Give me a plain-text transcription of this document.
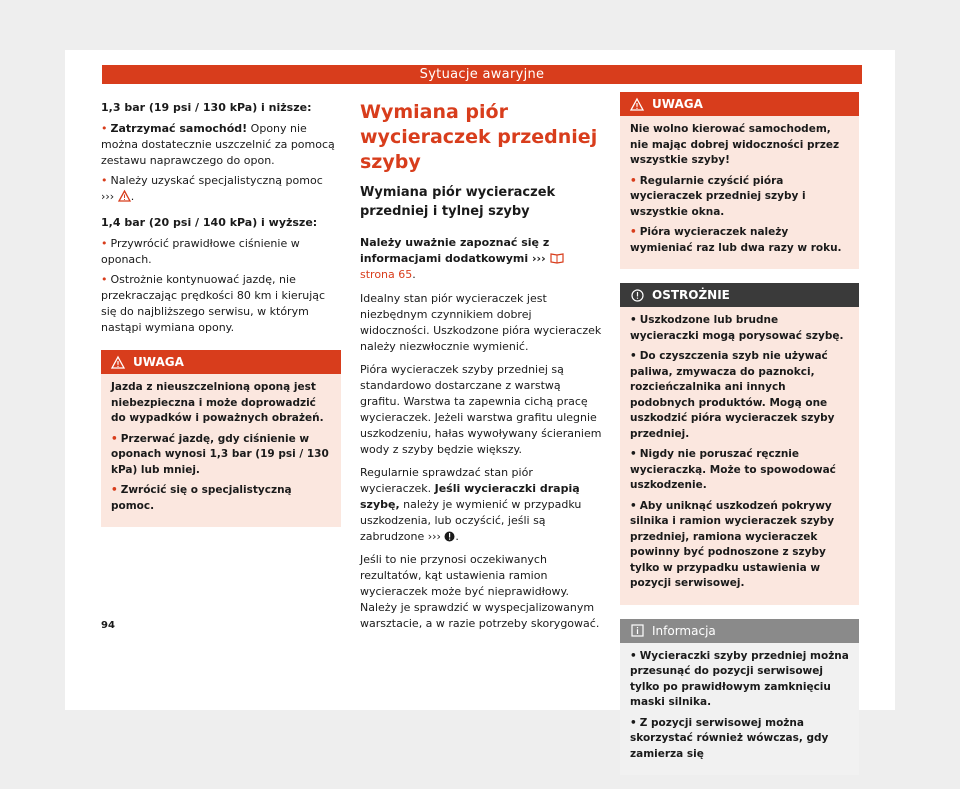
Sytuacje awaryjne

1,3 bar (19 psi / 130 kPa) i niższe:

• Zatrzymać samochód! Opony nie można dostatecznie uszczelnić za pomocą zestawu naprawczego do opon.

• Należy uzyskać specjalistyczną pomoc
››› .

1,4 bar (20 psi / 140 kPa) i wyższe:

• Przywrócić prawidłowe ciśnienie w oponach.

• Ostrożnie kontynuować jazdę, nie przekraczając prędkości 80 km i kierując się do najbliższego serwisu, w którym nastąpi wymiana opony.

UWAGA

Jazda z nieuszczelnioną oponą jest niebezpieczna i może doprowadzić do wypadków i poważnych obrażeń.

• Przerwać jazdę, gdy ciśnienie w oponach wynosi 1,3 bar (19 psi / 130 kPa) lub mniej.

• Zwrócić się o specjalistyczną pomoc.

Wymiana piór wycieraczek przedniej szyby
Wymiana piór wycieraczek przedniej i tylnej szyby

Należy uważnie zapoznać się z informacjami dodatkowymi ›››  strona 65.

Idealny stan piór wycieraczek jest niezbędnym czynnikiem dobrej widoczności. Uszkodzone pióra wycieraczek należy niezwłocznie wymienić.

Pióra wycieraczek szyby przedniej są standardowo dostarczane z warstwą grafitu. Warstwa ta zapewnia cichą pracę wycieraczek. Jeżeli warstwa grafitu ulegnie uszkodzeniu, hałas wywoływany ścieraniem wody z szyby będzie większy.

Regularnie sprawdzać stan piór wycieraczek. Jeśli wycieraczki drapią szybę, należy je wymienić w przypadku uszkodzenia, lub oczyścić, jeśli są zabrudzone ››› .

Jeśli to nie przynosi oczekiwanych rezultatów, kąt ustawienia ramion wycieraczek może być nieprawidłowy. Należy je sprawdzić w wyspecjalizowanym warsztacie, a w razie potrzeby skorygować.

UWAGA

Nie wolno kierować samochodem, nie mając dobrej widoczności przez wszystkie szyby!

• Regularnie czyścić pióra wycieraczek przedniej szyby i wszystkie okna.

• Pióra wycieraczek należy wymieniać raz lub dwa razy w roku.

OSTROŻNIE

• Uszkodzone lub brudne wycieraczki mogą porysować szybę.

• Do czyszczenia szyb nie używać paliwa, zmywacza do paznokci, rozcieńczalnika ani innych podobnych produktów. Mogą one uszkodzić pióra wycieraczek szyby przedniej.

• Nigdy nie poruszać ręcznie wycieraczką. Może to spowodować uszkodzenie.

• Aby uniknąć uszkodzeń pokrywy silnika i ramion wycieraczek szyby przedniej, ramiona wycieraczek powinny być podnoszone z szyby tylko w przypadku ustawienia w pozycji serwisowej.

Informacja

• Wycieraczki szyby przedniej można przesunąć do pozycji serwisowej tylko po prawidłowym zamknięciu maski silnika.

• Z pozycji serwisowej można skorzystać również wówczas, gdy zamierza się

94
